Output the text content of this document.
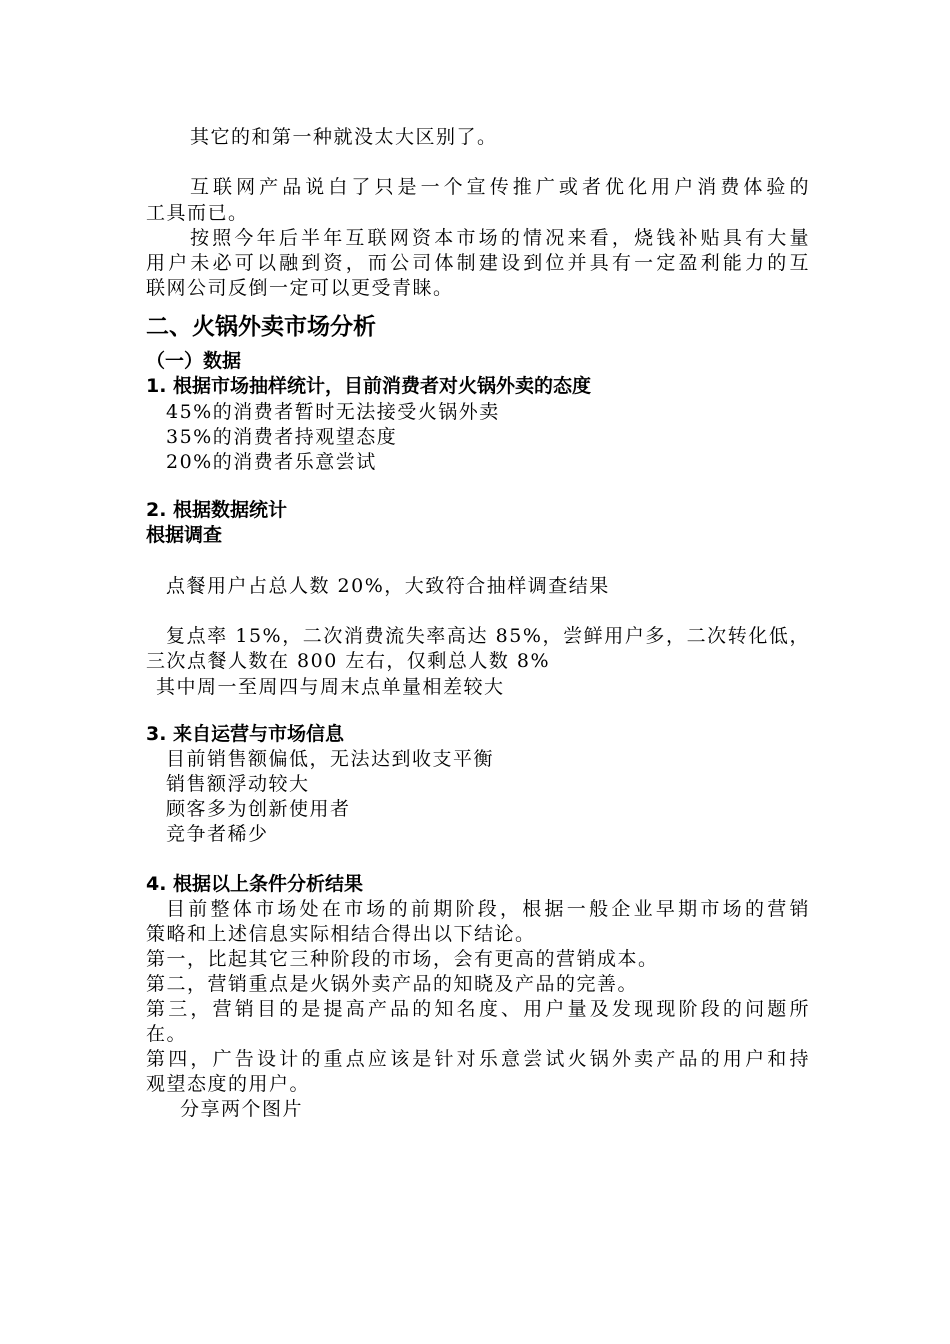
其它的和第一种就没太大区别了。
互联网产品说白了只是一个宣传推广或者优化用户消费体验的
工具而已。
按照今年后半年互联网资本市场的情况来看，烧钱补贴具有大量
用户未必可以融到资，而公司体制建设到位并具有一定盈利能力的互
联网公司反倒一定可以更受青睐。
二、火锅外卖市场分析
（一）数据
1. 根据市场抽样统计，目前消费者对火锅外卖的态度
45%的消费者暂时无法接受火锅外卖
35%的消费者持观望态度
20%的消费者乐意尝试
2. 根据数据统计
根据调查
点餐用户占总人数 20%，大致符合抽样调查结果
复点率 15%，二次消费流失率高达 85%，尝鲜用户多，二次转化低，
三次点餐人数在 800 左右，仅剩总人数 8%
其中周一至周四与周末点单量相差较大
3. 来自运营与市场信息
目前销售额偏低，无法达到收支平衡
销售额浮动较大
顾客多为创新使用者
竞争者稀少
4. 根据以上条件分析结果
目前整体市场处在市场的前期阶段，根据一般企业早期市场的营销
策略和上述信息实际相结合得出以下结论。
第一，比起其它三种阶段的市场，会有更高的营销成本。
第二，营销重点是火锅外卖产品的知晓及产品的完善。
第三，营销目的是提高产品的知名度、用户量及发现现阶段的问题所
在。
第四，广告设计的重点应该是针对乐意尝试火锅外卖产品的用户和持
观望态度的用户。
分享两个图片
